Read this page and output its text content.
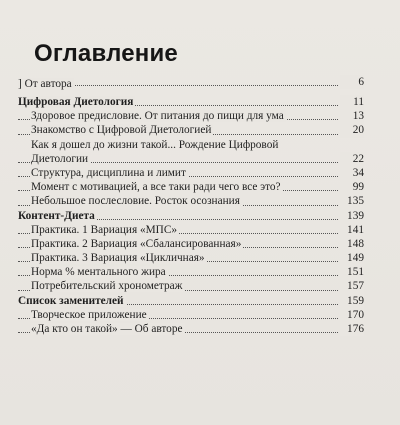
Оглавление
] От автора	6
Цифровая Диетология	11
Здоровое предисловие. От питания до пищи для ума	13
Знакомство с Цифровой Диетологией	20
Как я дошел до жизни такой... Рождение Цифровой
Диетологии	22
Структура, дисциплина и лимит	34
Момент с мотивацией, а все таки ради чего все это?	99
Небольшое послесловие. Росток осознания	135
Контент-Диета	139
Практика. 1 Вариация «МПС»	141
Практика. 2 Вариация «Сбалансированная»	148
Практика. 3 Вариация «Цикличная»	149
Норма % ментального жира	151
Потребительский хронометраж	157
Список заменителей	159
Творческое приложение	170
«Да кто он такой» — Об авторе	176
